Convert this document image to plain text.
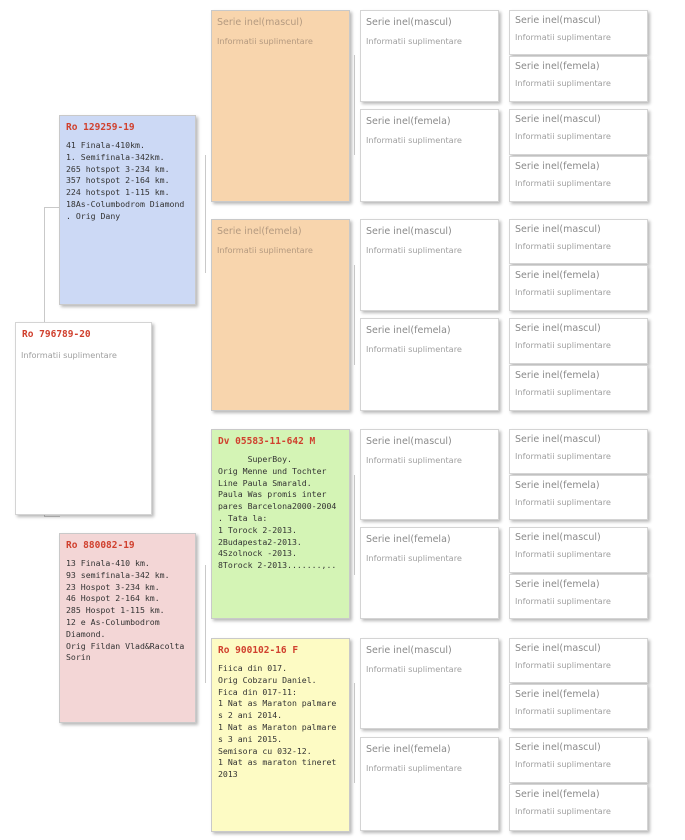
Ro 796789-20
Informatii suplimentare
Ro 129259-19
41 Finala-410km.
1. Semifinala-342km.
265 hotspot 3-234 km.
357 hotspot 2-164 km.
224 hotspot 1-115 km.
18As-Columbodrom Diamond
. Orig Dany
Ro 880082-19
13 Finala-410 km.
93 semifinala-342 km.
23 Hospot 3-234 km.
46 Hospot 2-164 km.
285 Hospot 1-115 km.
12 e As-Columbodrom
Diamond.
Orig Fildan Vlad&Racolta
Sorin
Serie inel(mascul)
Informatii suplimentare
Serie inel(femela)
Informatii suplimentare
Dv 05583-11-642 M
SuperBoy.
Orig Menne und Tochter
Line Paula Smarald.
Paula Was promis inter
pares Barcelona2000-2004
. Tata la:
1 Torock 2-2013.
2Budapesta2-2013.
4Szolnock -2013.
8Torock 2-2013.......,..
Ro 900102-16 F
Fiica din 017.
Orig Cobzaru Daniel.
Fica din 017-11:
1 Nat as Maraton palmare
s 2 ani 2014.
1 Nat as Maraton palmare
s 3 ani 2015.
Semisora cu 032-12.
1 Nat as maraton tineret
2013
Serie inel(mascul)
Informatii suplimentare
Serie inel(femela)
Informatii suplimentare
Serie inel(mascul)
Informatii suplimentare
Serie inel(femela)
Informatii suplimentare
Serie inel(mascul)
Informatii suplimentare
Serie inel(femela)
Informatii suplimentare
Serie inel(mascul)
Informatii suplimentare
Serie inel(femela)
Informatii suplimentare
Serie inel(mascul)
Informatii suplimentare
Serie inel(femela)
Informatii suplimentare
Serie inel(mascul)
Informatii suplimentare
Serie inel(femela)
Informatii suplimentare
Serie inel(mascul)
Informatii suplimentare
Serie inel(femela)
Informatii suplimentare
Serie inel(mascul)
Informatii suplimentare
Serie inel(femela)
Informatii suplimentare
Serie inel(mascul)
Informatii suplimentare
Serie inel(femela)
Informatii suplimentare
Serie inel(mascul)
Informatii suplimentare
Serie inel(femela)
Informatii suplimentare
Serie inel(mascul)
Informatii suplimentare
Serie inel(femela)
Informatii suplimentare
Serie inel(mascul)
Informatii suplimentare
Serie inel(femela)
Informatii suplimentare
